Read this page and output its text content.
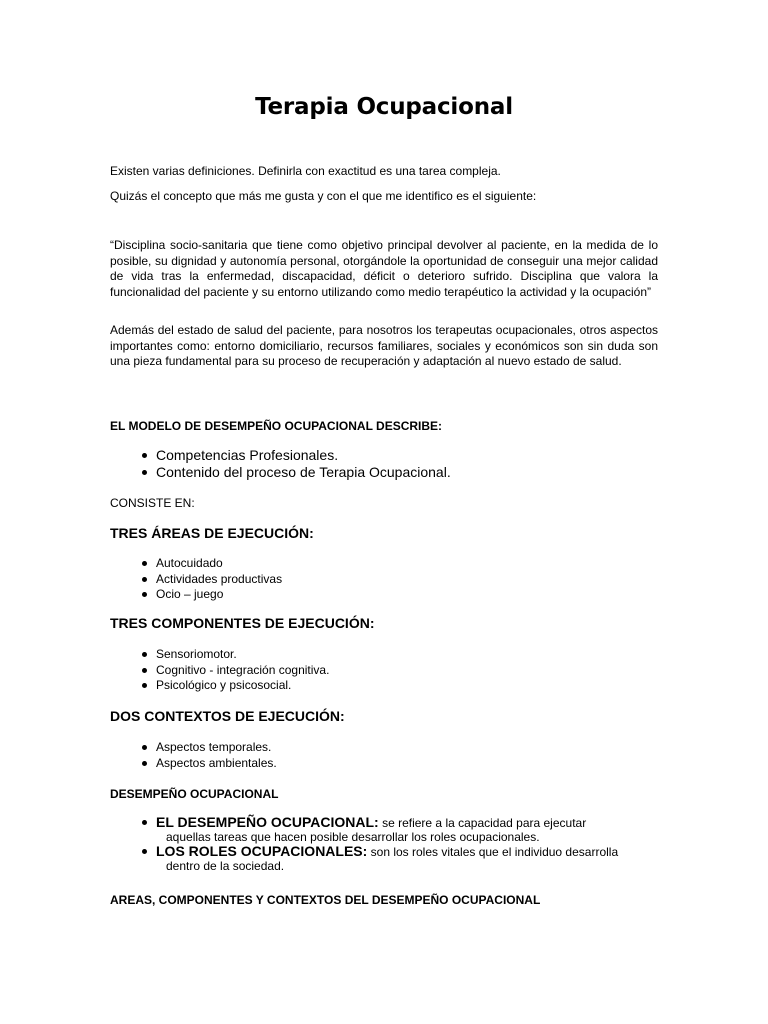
Terapia Ocupacional

Existen varias definiciones. Definirla con exactitud es una tarea compleja.

Quizás el concepto que más me gusta y con el que me identifico es el siguiente:

“Disciplina socio-sanitaria que tiene como objetivo principal devolver al paciente, en la medida de lo posible, su dignidad y autonomía personal, otorgándole la oportunidad de conseguir una mejor calidad de vida tras la enfermedad, discapacidad, déficit o deterioro sufrido. Disciplina que valora la funcionalidad del paciente y su entorno utilizando como medio terapéutico la actividad y la ocupación”

Además del estado de salud del paciente, para nosotros los terapeutas ocupacionales, otros aspectos importantes como: entorno domiciliario, recursos familiares, sociales y económicos son sin duda son una pieza fundamental para su proceso de recuperación y adaptación al nuevo estado de salud.

EL MODELO DE DESEMPEÑO OCUPACIONAL DESCRIBE:

Competencias Profesionales.
Contenido del proceso de Terapia Ocupacional.

CONSISTE EN:

TRES ÁREAS DE EJECUCIÓN:

Autocuidado
Actividades productivas
Ocio – juego

TRES COMPONENTES DE EJECUCIÓN:

Sensoriomotor.
Cognitivo - integración cognitiva.
Psicológico y psicosocial.

DOS CONTEXTOS DE EJECUCIÓN:

Aspectos temporales.
Aspectos ambientales.

DESEMPEÑO OCUPACIONAL

EL DESEMPEÑO OCUPACIONAL: se refiere a la capacidad para ejecutar
aquellas tareas que hacen posible desarrollar los roles ocupacionales.
LOS ROLES OCUPACIONALES: son los roles vitales que el individuo desarrolla
dentro de la sociedad.

AREAS, COMPONENTES Y CONTEXTOS DEL DESEMPEÑO OCUPACIONAL
